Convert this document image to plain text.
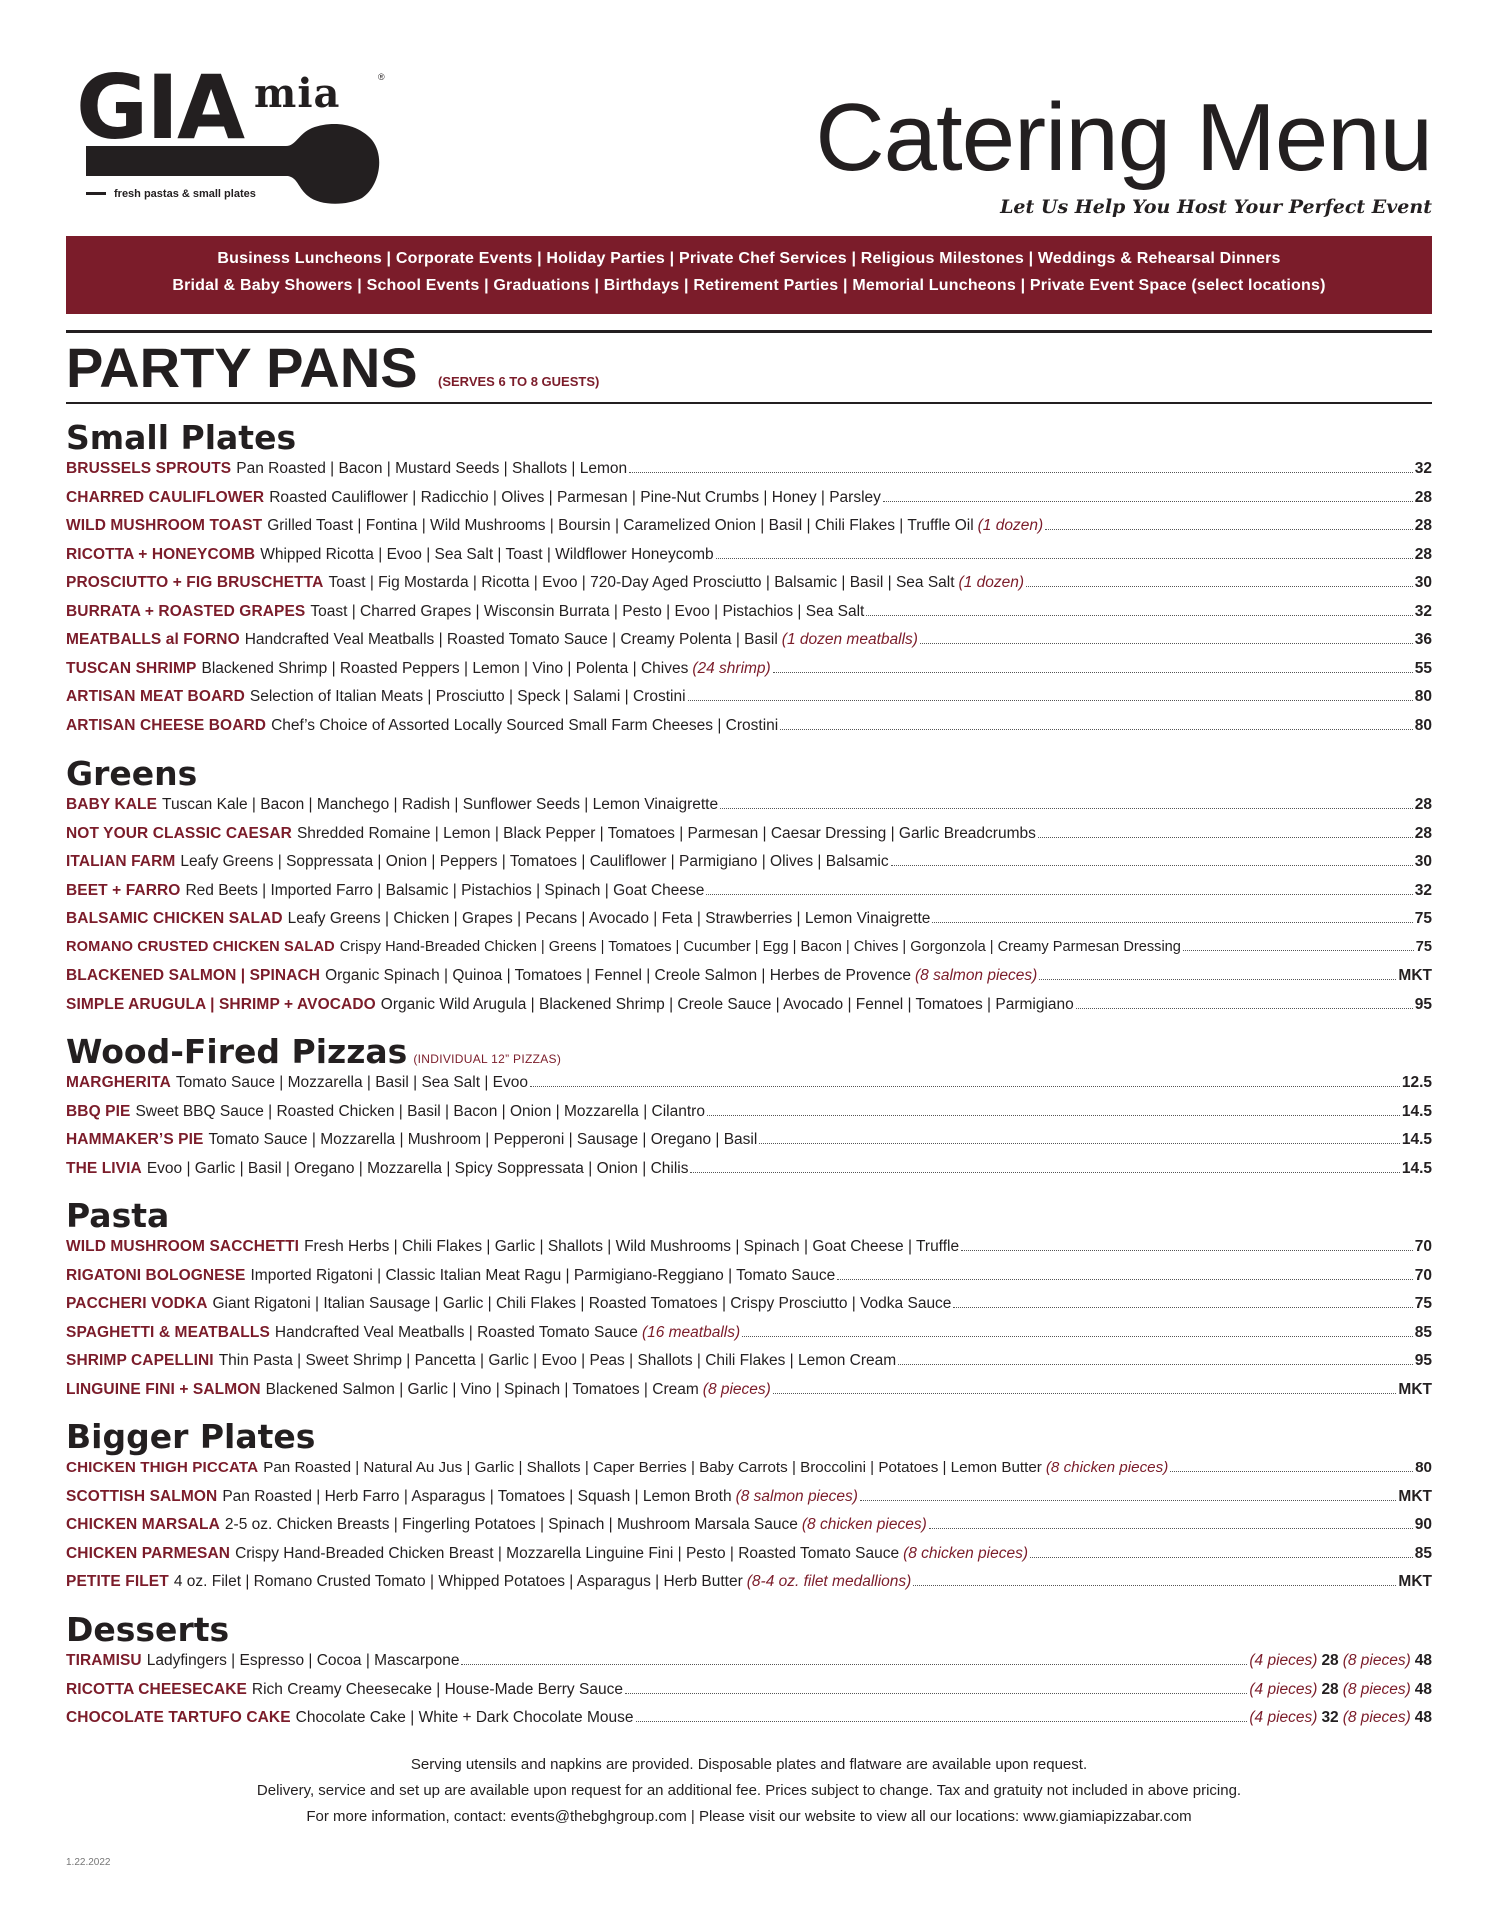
GIA mia	®
fresh pastas & small plates
Catering Menu
Let Us Help You Host Your Perfect Event
Business Luncheons | Corporate Events | Holiday Parties | Private Chef Services | Religious Milestones | Weddings & Rehearsal Dinners
Bridal & Baby Showers | School Events | Graduations | Birthdays | Retirement Parties | Memorial Luncheons | Private Event Space (select locations)
PARTY PANS (SERVES 6 TO 8 GUESTS)
Small Plates
BRUSSELS SPROUTS Pan Roasted | Bacon | Mustard Seeds | Shallots | Lemon	32
CHARRED CAULIFLOWER Roasted Cauliflower | Radicchio | Olives | Parmesan | Pine-Nut Crumbs | Honey | Parsley	28
WILD MUSHROOM TOAST Grilled Toast | Fontina | Wild Mushrooms | Boursin | Caramelized Onion | Basil | Chili Flakes | Truffle Oil (1 dozen)	28
RICOTTA + HONEYCOMB Whipped Ricotta | Evoo | Sea Salt | Toast | Wildflower Honeycomb	28
PROSCIUTTO + FIG BRUSCHETTA Toast | Fig Mostarda | Ricotta | Evoo | 720-Day Aged Prosciutto | Balsamic | Basil | Sea Salt (1 dozen)	30
BURRATA + ROASTED GRAPES Toast | Charred Grapes | Wisconsin Burrata | Pesto | Evoo | Pistachios | Sea Salt	32
MEATBALLS al FORNO Handcrafted Veal Meatballs | Roasted Tomato Sauce | Creamy Polenta | Basil (1 dozen meatballs)	36
TUSCAN SHRIMP Blackened Shrimp | Roasted Peppers | Lemon | Vino | Polenta | Chives (24 shrimp)	55
ARTISAN MEAT BOARD Selection of Italian Meats | Prosciutto | Speck | Salami | Crostini	80
ARTISAN CHEESE BOARD Chef’s Choice of Assorted Locally Sourced Small Farm Cheeses | Crostini	80
Greens
BABY KALE Tuscan Kale | Bacon | Manchego | Radish | Sunflower Seeds | Lemon Vinaigrette	28
NOT YOUR CLASSIC CAESAR Shredded Romaine | Lemon | Black Pepper | Tomatoes | Parmesan | Caesar Dressing | Garlic Breadcrumbs	28
ITALIAN FARM Leafy Greens | Soppressata | Onion | Peppers | Tomatoes | Cauliflower | Parmigiano | Olives | Balsamic	30
BEET + FARRO Red Beets | Imported Farro | Balsamic | Pistachios | Spinach | Goat Cheese	32
BALSAMIC CHICKEN SALAD Leafy Greens | Chicken | Grapes | Pecans | Avocado | Feta | Strawberries | Lemon Vinaigrette	75
ROMANO CRUSTED CHICKEN SALAD Crispy Hand-Breaded Chicken | Greens | Tomatoes | Cucumber | Egg | Bacon | Chives | Gorgonzola | Creamy Parmesan Dressing	75
BLACKENED SALMON | SPINACH Organic Spinach | Quinoa | Tomatoes | Fennel | Creole Salmon | Herbes de Provence (8 salmon pieces)	MKT
SIMPLE ARUGULA | SHRIMP + AVOCADO Organic Wild Arugula | Blackened Shrimp | Creole Sauce | Avocado | Fennel | Tomatoes | Parmigiano	95
Wood-Fired Pizzas (INDIVIDUAL 12” PIZZAS)
MARGHERITA Tomato Sauce | Mozzarella | Basil | Sea Salt | Evoo	12.5
BBQ PIE Sweet BBQ Sauce | Roasted Chicken | Basil | Bacon | Onion | Mozzarella | Cilantro	14.5
HAMMAKER’S PIE Tomato Sauce | Mozzarella | Mushroom | Pepperoni | Sausage | Oregano | Basil	14.5
THE LIVIA Evoo | Garlic | Basil | Oregano | Mozzarella | Spicy Soppressata | Onion | Chilis	14.5
Pasta
WILD MUSHROOM SACCHETTI Fresh Herbs | Chili Flakes | Garlic | Shallots | Wild Mushrooms | Spinach | Goat Cheese | Truffle	70
RIGATONI BOLOGNESE Imported Rigatoni | Classic Italian Meat Ragu | Parmigiano-Reggiano | Tomato Sauce	70
PACCHERI VODKA Giant Rigatoni | Italian Sausage | Garlic | Chili Flakes | Roasted Tomatoes | Crispy Prosciutto | Vodka Sauce	75
SPAGHETTI & MEATBALLS Handcrafted Veal Meatballs | Roasted Tomato Sauce (16 meatballs)	85
SHRIMP CAPELLINI Thin Pasta | Sweet Shrimp | Pancetta | Garlic | Evoo | Peas | Shallots | Chili Flakes | Lemon Cream	95
LINGUINE FINI + SALMON Blackened Salmon | Garlic | Vino | Spinach | Tomatoes | Cream (8 pieces)	MKT
Bigger Plates
CHICKEN THIGH PICCATA Pan Roasted | Natural Au Jus | Garlic | Shallots | Caper Berries | Baby Carrots | Broccolini | Potatoes | Lemon Butter (8 chicken pieces)	80
SCOTTISH SALMON Pan Roasted | Herb Farro | Asparagus | Tomatoes | Squash | Lemon Broth (8 salmon pieces)	MKT
CHICKEN MARSALA 2-5 oz. Chicken Breasts | Fingerling Potatoes | Spinach | Mushroom Marsala Sauce (8 chicken pieces)	90
CHICKEN PARMESAN Crispy Hand-Breaded Chicken Breast | Mozzarella Linguine Fini | Pesto | Roasted Tomato Sauce (8 chicken pieces)	85
PETITE FILET 4 oz. Filet | Romano Crusted Tomato | Whipped Potatoes | Asparagus | Herb Butter (8-4 oz. filet medallions)	MKT
Desserts
TIRAMISU Ladyfingers | Espresso | Cocoa | Mascarpone	(4 pieces) 28 (8 pieces) 48
RICOTTA CHEESECAKE Rich Creamy Cheesecake | House-Made Berry Sauce	(4 pieces) 28 (8 pieces) 48
CHOCOLATE TARTUFO CAKE Chocolate Cake | White + Dark Chocolate Mouse	(4 pieces) 32 (8 pieces) 48
Serving utensils and napkins are provided. Disposable plates and flatware are available upon request.
Delivery, service and set up are available upon request for an additional fee. Prices subject to change. Tax and gratuity not included in above pricing.
For more information, contact: events@thebghgroup.com | Please visit our website to view all our locations: www.giamiapizzabar.com
1.22.2022
